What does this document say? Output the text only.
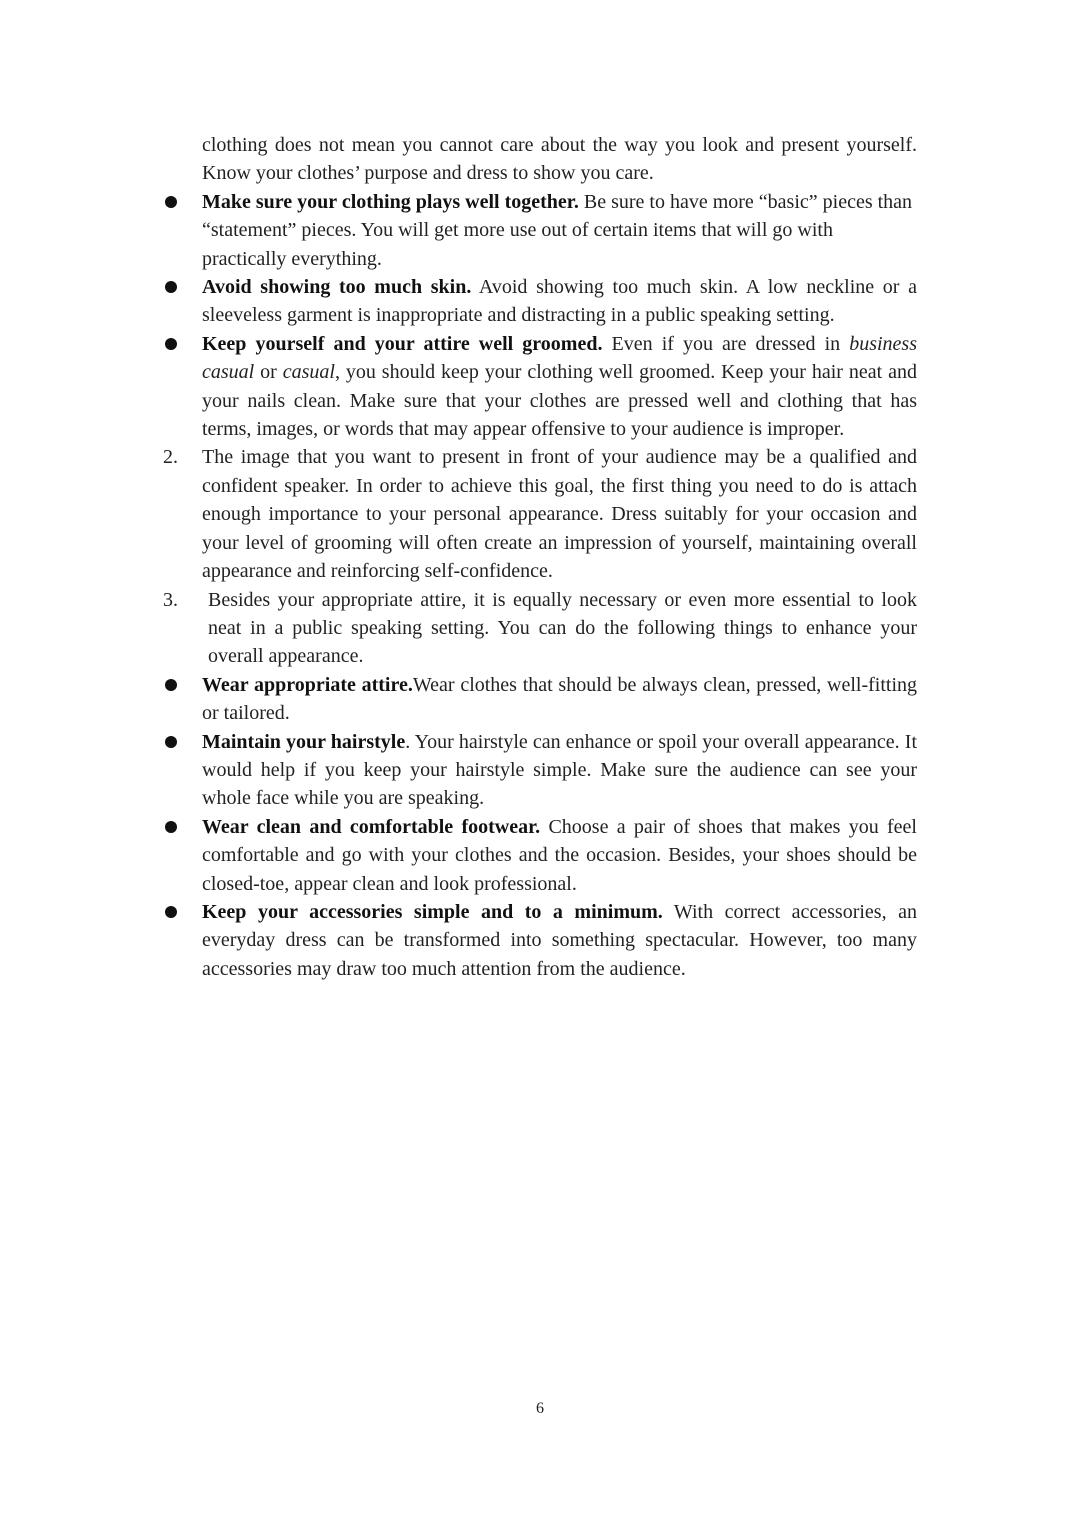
clothing does not mean you cannot care about the way you look and present yourself. Know your clothes’ purpose and dress to show you care.

Make sure your clothing plays well together. Be sure to have more “basic” pieces than “statement” pieces. You will get more use out of certain items that will go with practically everything.

Avoid showing too much skin. Avoid showing too much skin. A low neckline or a sleeveless garment is inappropriate and distracting in a public speaking setting.

Keep yourself and your attire well groomed. Even if you are dressed in business casual or casual, you should keep your clothing well groomed. Keep your hair neat and your nails clean. Make sure that your clothes are pressed well and clothing that has terms, images, or words that may appear offensive to your audience is improper.

2. The image that you want to present in front of your audience may be a qualified and confident speaker. In order to achieve this goal, the first thing you need to do is attach enough importance to your personal appearance. Dress suitably for your occasion and your level of grooming will often create an impression of yourself, maintaining overall appearance and reinforcing self-confidence.

3. Besides your appropriate attire, it is equally necessary or even more essential to look neat in a public speaking setting. You can do the following things to enhance your overall appearance.

Wear appropriate attire.Wear clothes that should be always clean, pressed, well-fitting or tailored.

Maintain your hairstyle. Your hairstyle can enhance or spoil your overall appearance. It would help if you keep your hairstyle simple. Make sure the audience can see your whole face while you are speaking.

Wear clean and comfortable footwear. Choose a pair of shoes that makes you feel comfortable and go with your clothes and the occasion. Besides, your shoes should be closed-toe, appear clean and look professional.

Keep your accessories simple and to a minimum. With correct accessories, an everyday dress can be transformed into something spectacular. However, too many accessories may draw too much attention from the audience.

6
